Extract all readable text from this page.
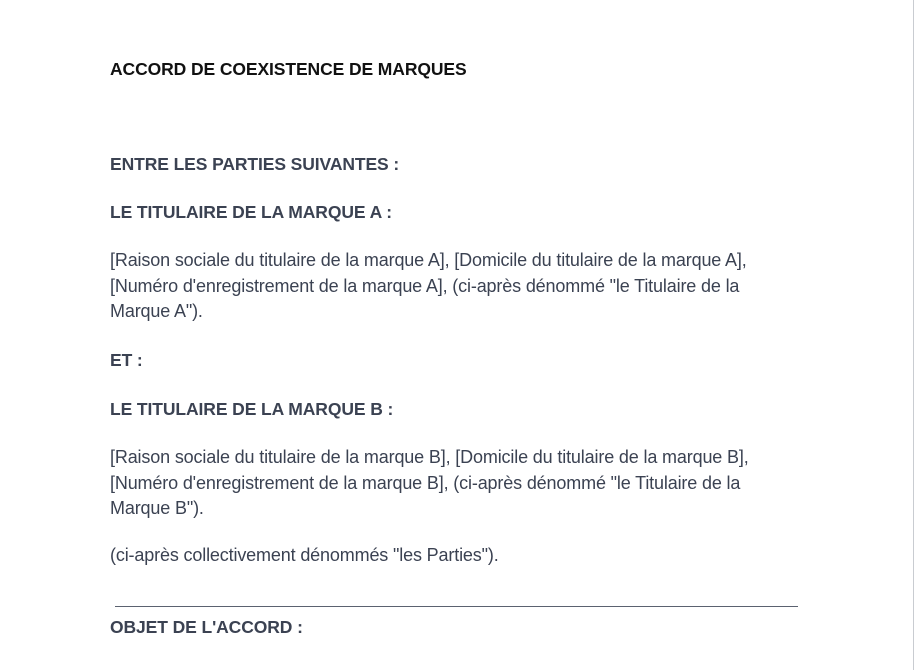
ACCORD DE COEXISTENCE DE MARQUES
ENTRE LES PARTIES SUIVANTES :
LE TITULAIRE DE LA MARQUE A :
[Raison sociale du titulaire de la marque A], [Domicile du titulaire de la marque A], [Numéro d'enregistrement de la marque A], (ci-après dénommé "le Titulaire de la Marque A").
ET :
LE TITULAIRE DE LA MARQUE B :
[Raison sociale du titulaire de la marque B], [Domicile du titulaire de la marque B], [Numéro d'enregistrement de la marque B], (ci-après dénommé "le Titulaire de la Marque B").
(ci-après collectivement dénommés "les Parties").
OBJET DE L'ACCORD :
